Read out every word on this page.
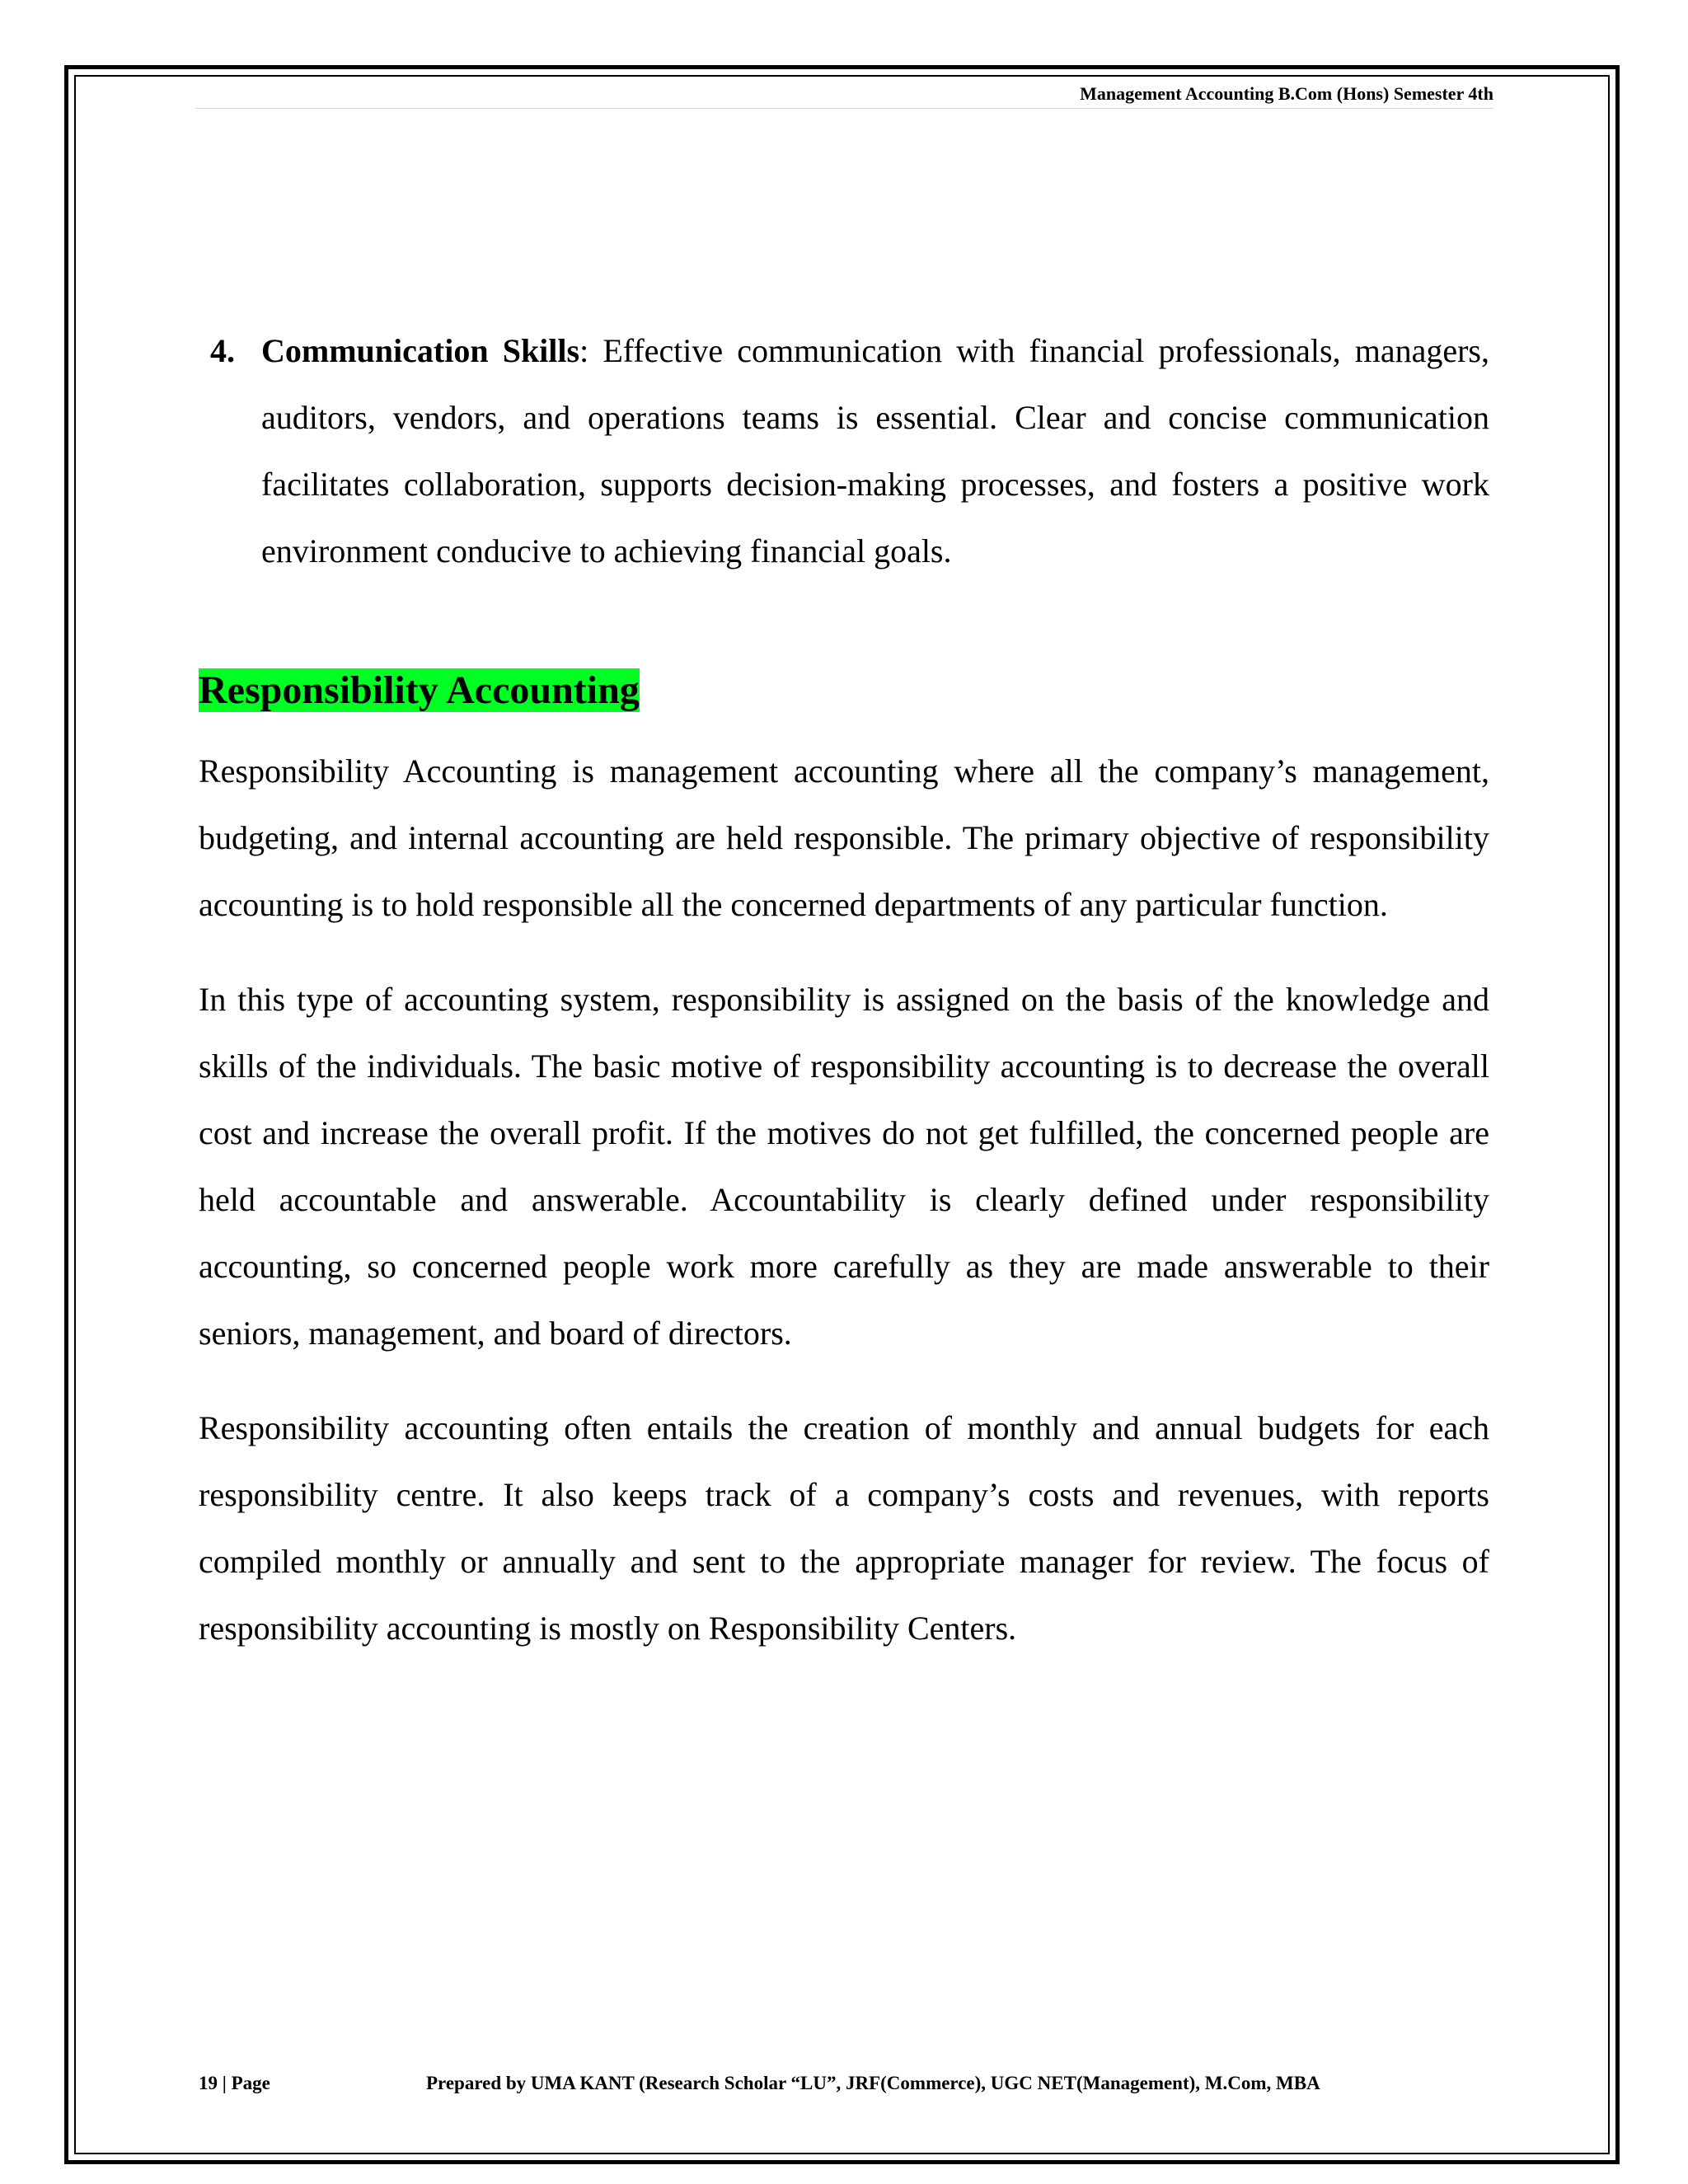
Management Accounting B.Com (Hons) Semester 4th
4. Communication Skills: Effective communication with financial professionals, managers, auditors, vendors, and operations teams is essential. Clear and concise communication facilitates collaboration, supports decision-making processes, and fosters a positive work environment conducive to achieving financial goals.
Responsibility Accounting

Responsibility Accounting is management accounting where all the company’s management, budgeting, and internal accounting are held responsible. The primary objective of responsibility accounting is to hold responsible all the concerned departments of any particular function.

In this type of accounting system, responsibility is assigned on the basis of the knowledge and skills of the individuals. The basic motive of responsibility accounting is to decrease the overall cost and increase the overall profit. If the motives do not get fulfilled, the concerned people are held accountable and answerable. Accountability is clearly defined under responsibility accounting, so concerned people work more carefully as they are made answerable to their seniors, management, and board of directors.

Responsibility accounting often entails the creation of monthly and annual budgets for each responsibility centre. It also keeps track of a company’s costs and revenues, with reports compiled monthly or annually and sent to the appropriate manager for review. The focus of responsibility accounting is mostly on Responsibility Centers.

19 | Page	Prepared by UMA KANT (Research Scholar “LU”, JRF(Commerce), UGC NET(Management), M.Com, MBA
